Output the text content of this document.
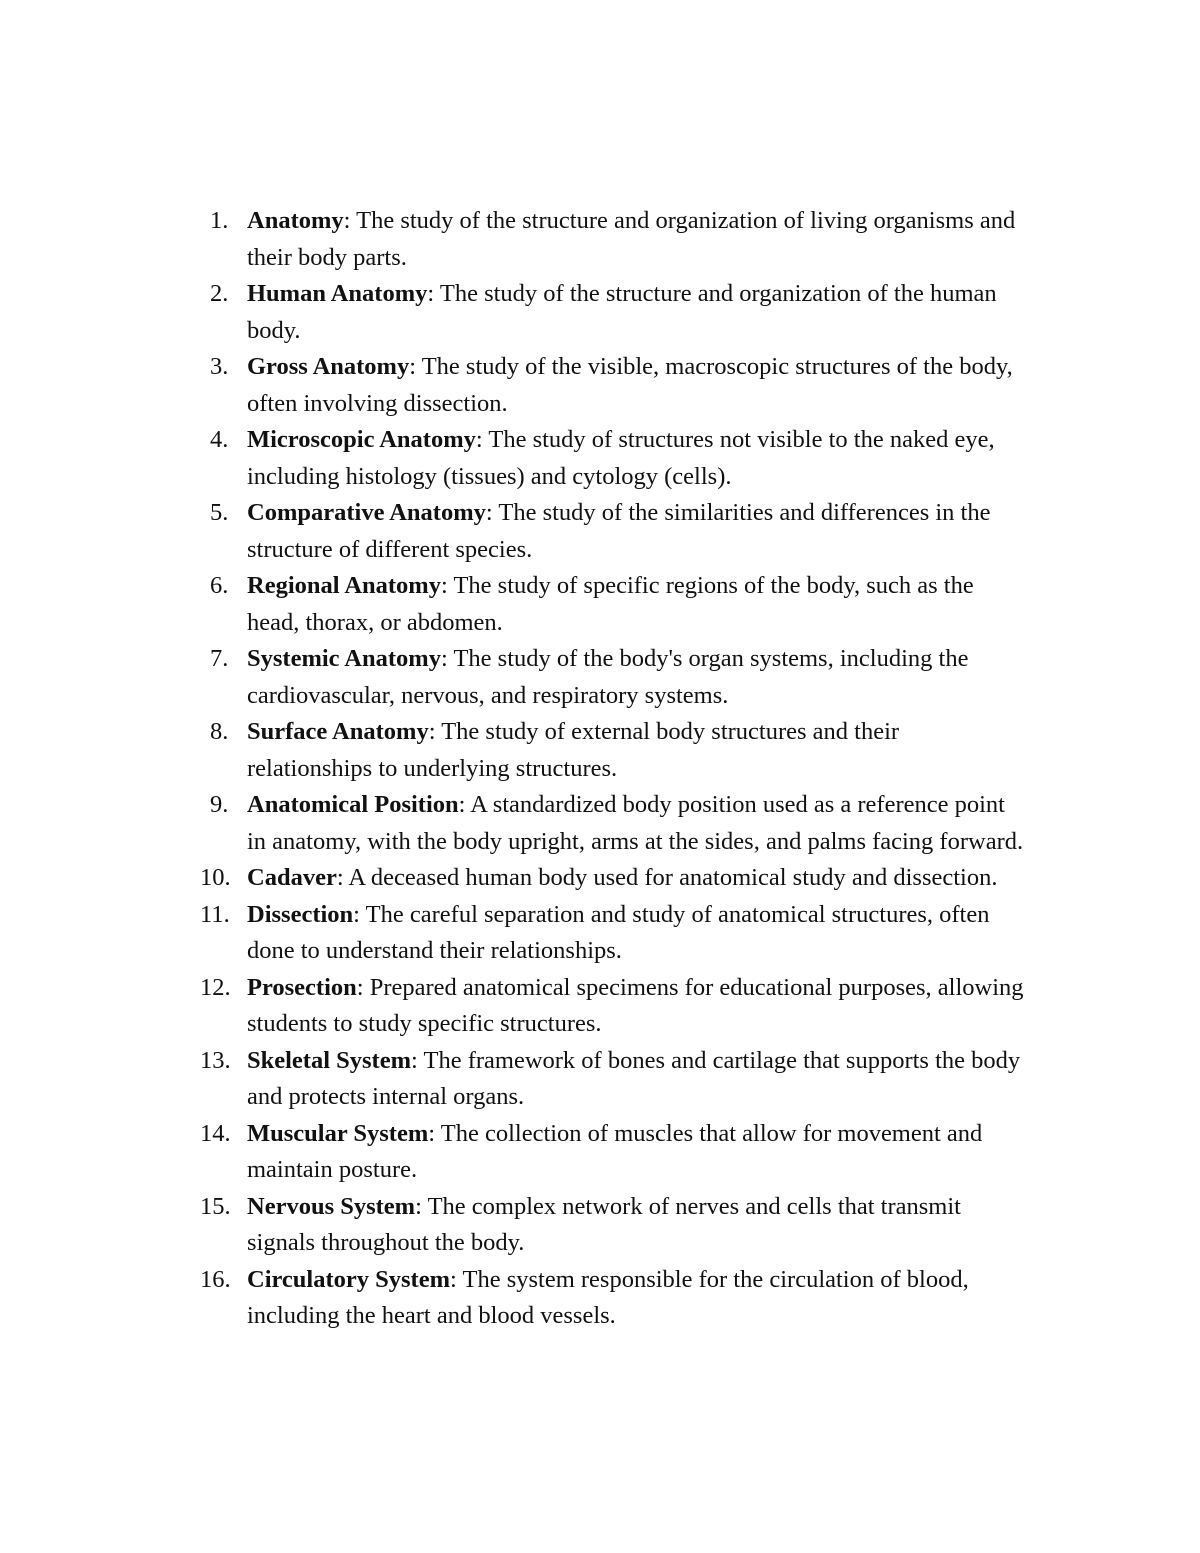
1. Anatomy: The study of the structure and organization of living organisms and their body parts.
2. Human Anatomy: The study of the structure and organization of the human body.
3. Gross Anatomy: The study of the visible, macroscopic structures of the body, often involving dissection.
4. Microscopic Anatomy: The study of structures not visible to the naked eye, including histology (tissues) and cytology (cells).
5. Comparative Anatomy: The study of the similarities and differences in the structure of different species.
6. Regional Anatomy: The study of specific regions of the body, such as the head, thorax, or abdomen.
7. Systemic Anatomy: The study of the body's organ systems, including the cardiovascular, nervous, and respiratory systems.
8. Surface Anatomy: The study of external body structures and their relationships to underlying structures.
9. Anatomical Position: A standardized body position used as a reference point in anatomy, with the body upright, arms at the sides, and palms facing forward.
10. Cadaver: A deceased human body used for anatomical study and dissection.
11. Dissection: The careful separation and study of anatomical structures, often done to understand their relationships.
12. Prosection: Prepared anatomical specimens for educational purposes, allowing students to study specific structures.
13. Skeletal System: The framework of bones and cartilage that supports the body and protects internal organs.
14. Muscular System: The collection of muscles that allow for movement and maintain posture.
15. Nervous System: The complex network of nerves and cells that transmit signals throughout the body.
16. Circulatory System: The system responsible for the circulation of blood, including the heart and blood vessels.
